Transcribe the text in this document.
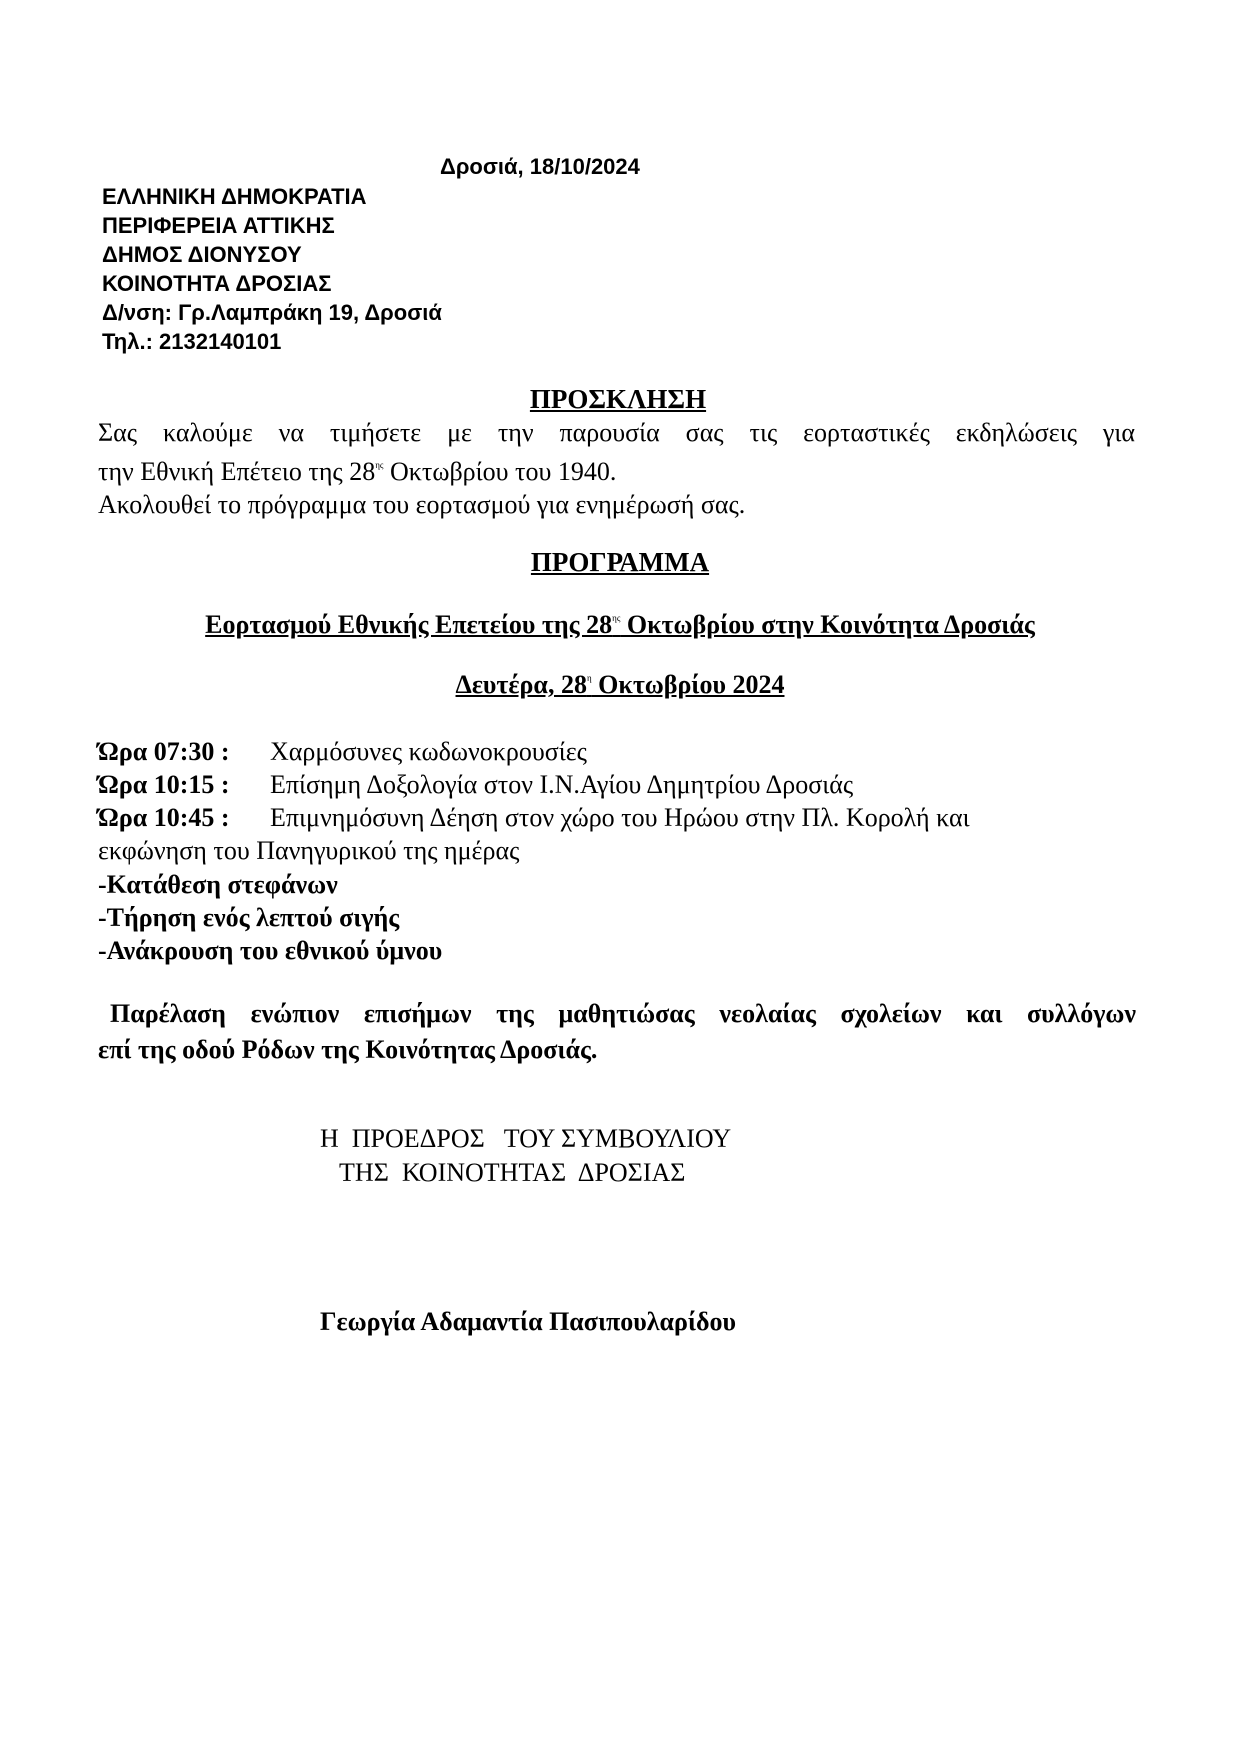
Δροσιά, 18/10/2024
ΕΛΛΗΝΙΚΗ ΔΗΜΟΚΡΑΤΙΑ
ΠΕΡΙΦΕΡΕΙΑ ΑΤΤΙΚΗΣ
ΔΗΜΟΣ ΔΙΟΝΥΣΟΥ
ΚΟΙΝΟΤΗΤΑ ΔΡΟΣΙΑΣ
Δ/νση: Γρ.Λαμπράκη 19, Δροσιά
Τηλ.: 2132140101
ΠΡΟΣΚΛΗΣΗ
Σας καλούμε να τιμήσετε με την παρουσία σας τις εορταστικές εκδηλώσεις για
την Εθνική Επέτειο της $28^{\eta\varsigma}$ Οκτωβρίου του 1940.
Ακολουθεί το πρόγραμμα του εορτασμού για ενημέρωσή σας.
ΠΡΟΓΡΑΜΜΑ
Εορτασμού Εθνικής Επετείου της $28^{\eta\varsigma}$ Οκτωβρίου στην Κοινότητα Δροσιάς
Δευτέρα, $28^\eta$ Οκτωβρίου 2024
Ώρα 07:30 :	Χαρμόσυνες κωδωνοκρουσίες
Ώρα 10:15 :	Επίσημη Δοξολογία στον Ι.Ν.Αγίου Δημητρίου Δροσιάς
Ώρα 10:45 :	Επιμνημόσυνη Δέηση στον χώρο του Ηρώου στην Πλ. Κορολή και
εκφώνηση του Πανηγυρικού της ημέρας
-Κατάθεση στεφάνων
-Τήρηση ενός λεπτού σιγής
-Ανάκρουση του εθνικού ύμνου
Παρέλαση ενώπιον επισήμων της μαθητιώσας νεολαίας σχολείων και συλλόγων
επί της οδού Ρόδων της Κοινότητας Δροσιάς.
Η  ΠΡΟΕΔΡΟΣ   ΤΟΥ ΣΥΜΒΟΥΛΙΟΥ
ΤΗΣ  ΚΟΙΝΟΤΗΤΑΣ  ΔΡΟΣΙΑΣ
Γεωργία Αδαμαντία Πασιπουλαρίδου
